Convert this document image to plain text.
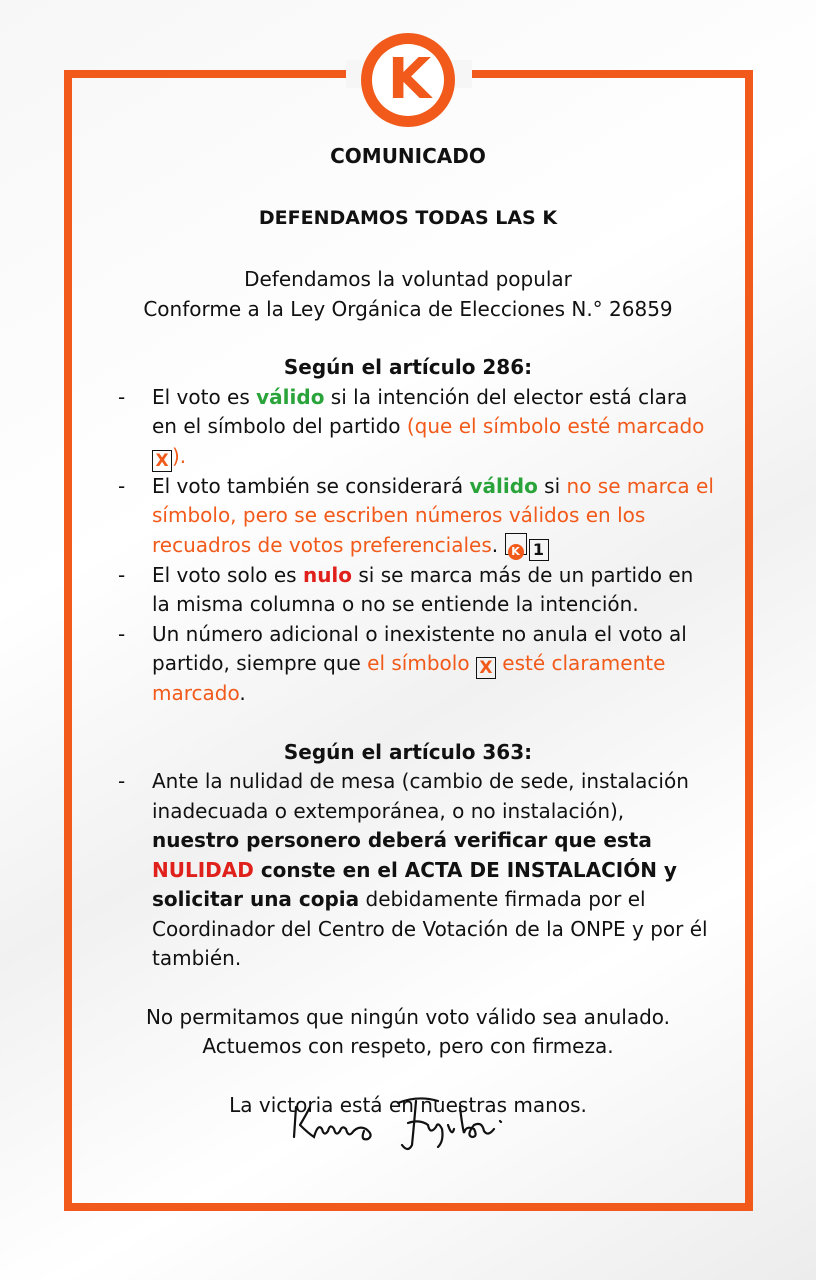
K
COMUNICADO
DEFENDAMOS TODAS LAS K
Defendamos la voluntad popular
Conforme a la Ley Orgánica de Elecciones N.° 26859
Según el artículo 286:
- El voto es válido si la intención del elector está clara en el símbolo del partido (que el símbolo esté marcado X ).
- El voto también se considerará válido si no se marca el símbolo, pero se escriben números válidos en los recuadros de votos preferenciales. K 1
- El voto solo es nulo si se marca más de un partido en la misma columna o no se entiende la intención.
- Un número adicional o inexistente no anula el voto al partido, siempre que el símbolo X esté claramente marcado.
Según el artículo 363:
- Ante la nulidad de mesa (cambio de sede, instalación inadecuada o extemporánea, o no instalación), nuestro personero deberá verificar que esta NULIDAD conste en el ACTA DE INSTALACIÓN y solicitar una copia debidamente firmada por el Coordinador del Centro de Votación de la ONPE y por él también.
No permitamos que ningún voto válido sea anulado.
Actuemos con respeto, pero con firmeza.
La victoria está en nuestras manos.
